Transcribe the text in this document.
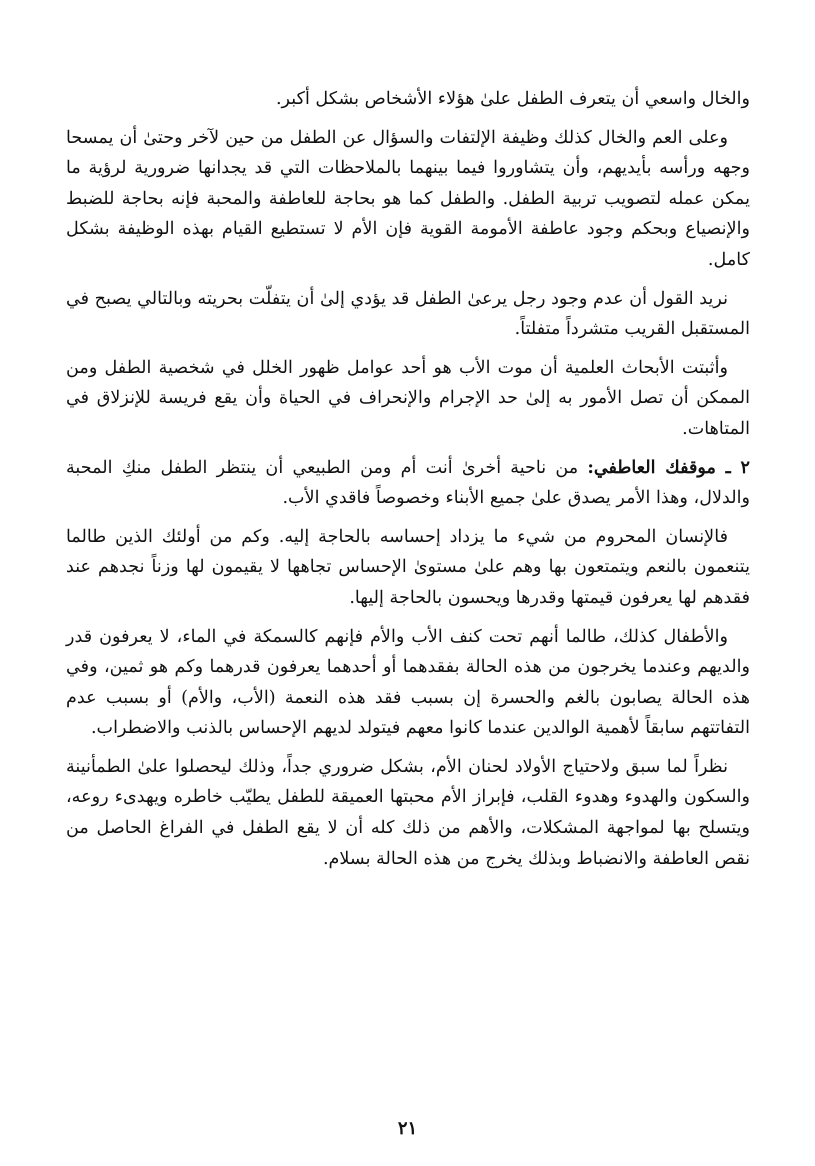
والخال واسعي أن يتعرف الطفل علىٰ هؤلاء الأشخاص بشكل أكبر.

وعلى العم والخال كذلك وظيفة الإلتفات والسؤال عن الطفل من حين لآخر وحتىٰ أن يمسحا وجهه ورأسه بأيديهم، وأن يتشاوروا فيما بينهما بالملاحظات التي قد يجدانها ضرورية لرؤية ما يمكن عمله لتصويب تربية الطفل. والطفل كما هو بحاجة للعاطفة والمحبة فإنه بحاجة للضبط والإنصياع وبحكم وجود عاطفة الأمومة القوية فإن الأم لا تستطيع القيام بهذه الوظيفة بشكل كامل.

نريد القول أن عدم وجود رجل يرعىٰ الطفل قد يؤدي إلىٰ أن يتفلّت بحريته وبالتالي يصبح في المستقبل القريب متشرداً متفلتاً.

وأثبتت الأبحاث العلمية أن موت الأب هو أحد عوامل ظهور الخلل في شخصية الطفل ومن الممكن أن تصل الأمور به إلىٰ حد الإجرام والإنحراف في الحياة وأن يقع فريسة للإنزلاق في المتاهات.

٢ ـ موقفك العاطفي: من ناحية أخرىٰ أنت أم ومن الطبيعي أن ينتظر الطفل منكِ المحبة والدلال، وهذا الأمر يصدق علىٰ جميع الأبناء وخصوصاً فاقدي الأب.

فالإنسان المحروم من شيء ما يزداد إحساسه بالحاجة إليه. وكم من أولئك الذين طالما يتنعمون بالنعم ويتمتعون بها وهم علىٰ مستوىٰ الإحساس تجاهها لا يقيمون لها وزناً نجدهم عند فقدهم لها يعرفون قيمتها وقدرها ويحسون بالحاجة إليها.

والأطفال كذلك، طالما أنهم تحت كنف الأب والأم فإنهم كالسمكة في الماء، لا يعرفون قدر والديهم وعندما يخرجون من هذه الحالة بفقدهما أو أحدهما يعرفون قدرهما وكم هو ثمين، وفي هذه الحالة يصابون بالغم والحسرة إن بسبب فقد هذه النعمة (الأب، والأم) أو بسبب عدم التفاتتهم سابقاً لأهمية الوالدين عندما كانوا معهم فيتولد لديهم الإحساس بالذنب والاضطراب.

نظراً لما سبق ولاحتياج الأولاد لحنان الأم، بشكل ضروري جداً، وذلك ليحصلوا علىٰ الطمأنينة والسكون والهدوء وهدوء القلب، فإبراز الأم محبتها العميقة للطفل يطيّب خاطره ويهدىء روعه، ويتسلح بها لمواجهة المشكلات، والأهم من ذلك كله أن لا يقع الطفل في الفراغ الحاصل من نقص العاطفة والانضباط وبذلك يخرج من هذه الحالة بسلام.

٢١
